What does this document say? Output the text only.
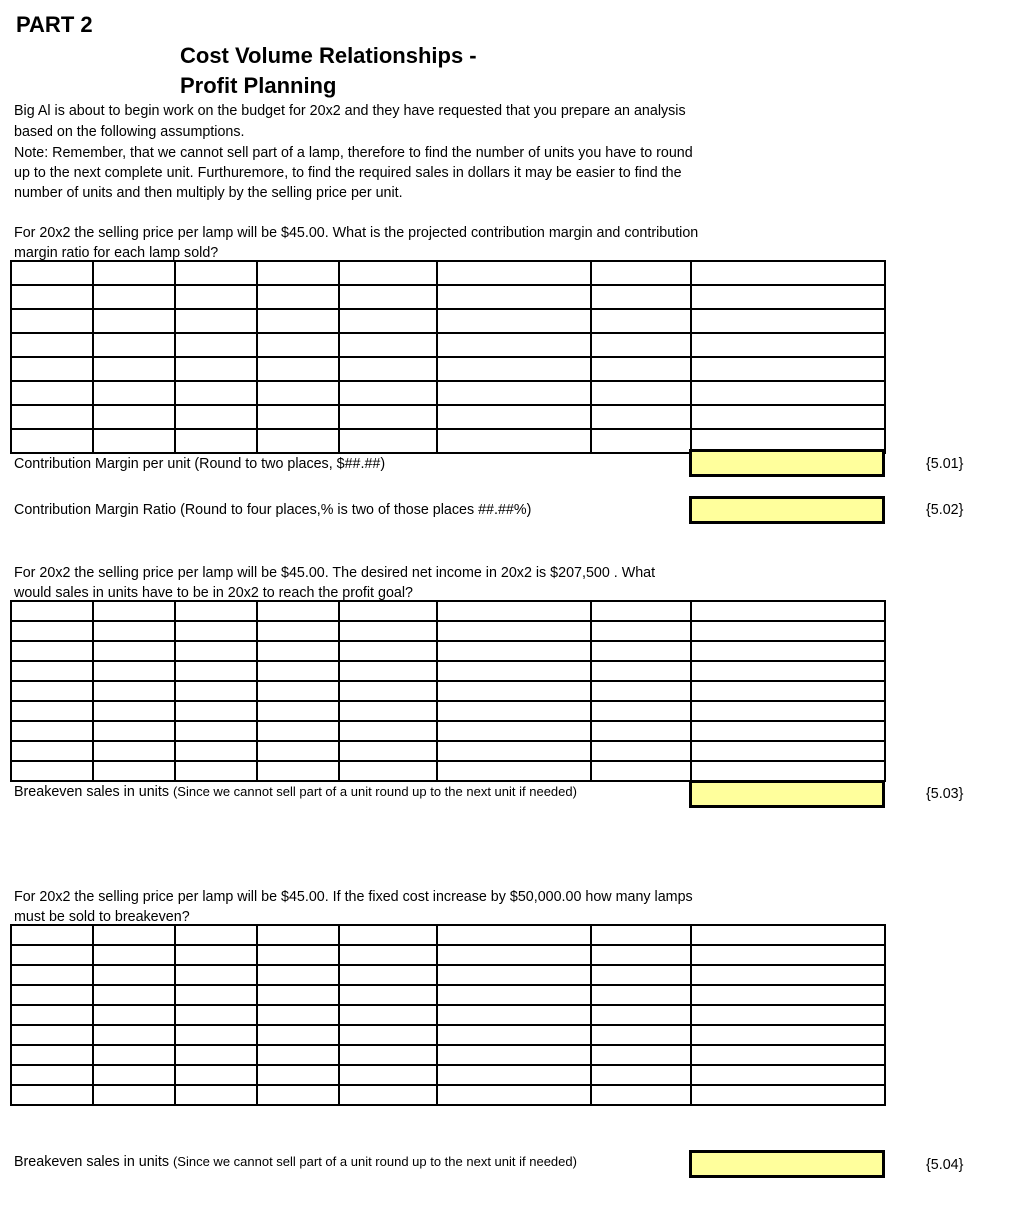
PART 2
Cost Volume Relationships -
Profit Planning
Big Al is about to begin work on the budget for 20x2 and they have requested that you prepare an analysis
based on the following assumptions.
Note: Remember, that we cannot sell part of a lamp, therefore to find the number of units you have to round
up to the next complete unit. Furthuremore, to find the required sales in dollars it may be easier to find the
number of units and then multiply by the selling price per unit.
For 20x2 the selling price per lamp will be $45.00. What is the projected contribution margin and contribution
margin ratio for each lamp sold?

Contribution Margin per unit (Round to two places, $##.##)	{5.01}
Contribution Margin Ratio (Round to four places,% is two of those places ##.##%)	{5.02}
For 20x2 the selling price per lamp will be $45.00. The desired net income in 20x2 is $207,500 . What
would sales in units have to be in 20x2 to reach the profit goal?

Breakeven sales in units (Since we cannot sell part of a unit round up to the next unit if needed)	{5.03}
For 20x2 the selling price per lamp will be $45.00. If the fixed cost increase by $50,000.00 how many lamps
must be sold to breakeven?

Breakeven sales in units (Since we cannot sell part of a unit round up to the next unit if needed)	{5.04}
